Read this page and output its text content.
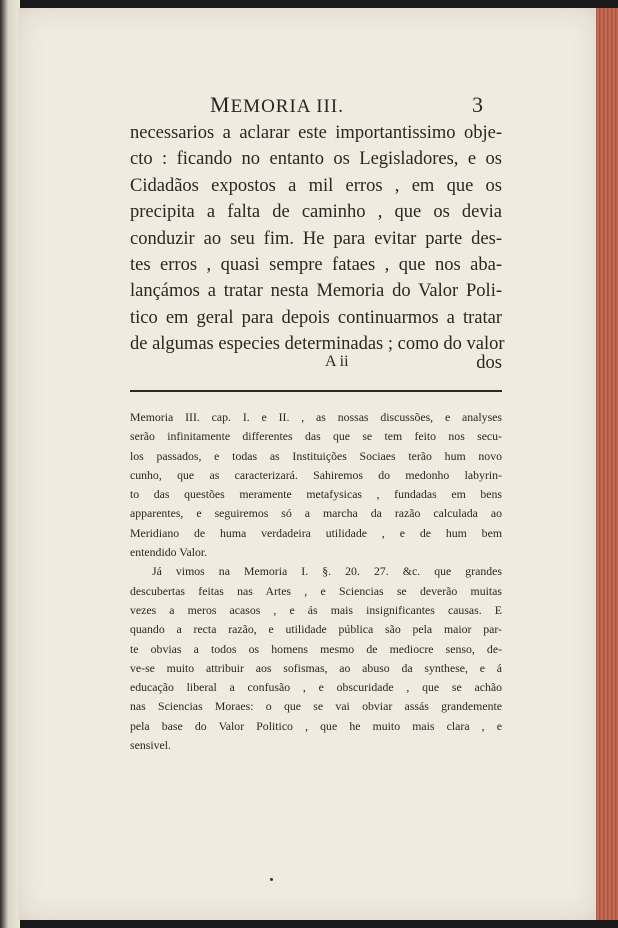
MEMORIA III.	3
necessarios a aclarar este importantissimo obje-
cto : ficando no entanto os Legisladores, e os
Cidadãos expostos a mil erros , em que os
precipita a falta de caminho , que os devia
conduzir ao seu fim. He para evitar parte des-
tes erros , quasi sempre fataes , que nos aba-
lançámos a tratar nesta Memoria do Valor Poli-
tico em geral para depois continuarmos a tratar
de algumas especies determinadas ; como do valor
A ii	dos
Memoria III. cap. I. e II. , as nossas discussões, e analyses
serão infinitamente differentes das que se tem feito nos secu-
los passados, e todas as Instituições Sociaes terão hum novo
cunho, que as caracterizará. Sahiremos do medonho labyrin-
to das questões meramente metafysicas , fundadas em bens
apparentes, e seguiremos só a marcha da razão calculada ao
Meridiano de huma verdadeira utilidade , e de hum bem
entendido Valor.
Já vimos na Memoria I. §. 20. 27. &c. que grandes
descubertas feitas nas Artes , e Sciencias se deverão muitas
vezes a meros acasos , e ás mais insignificantes causas. E
quando a recta razão, e utilidade pública são pela maior par-
te obvias a todos os homens mesmo de mediocre senso, de-
ve-se muito attribuir aos sofismas, ao abuso da synthese, e á
educação liberal a confusão , e obscuridade , que se achão
nas Sciencias Moraes: o que se vai obviar assás grandemente
pela base do Valor Politico , que he muito mais clara , e
sensivel.
